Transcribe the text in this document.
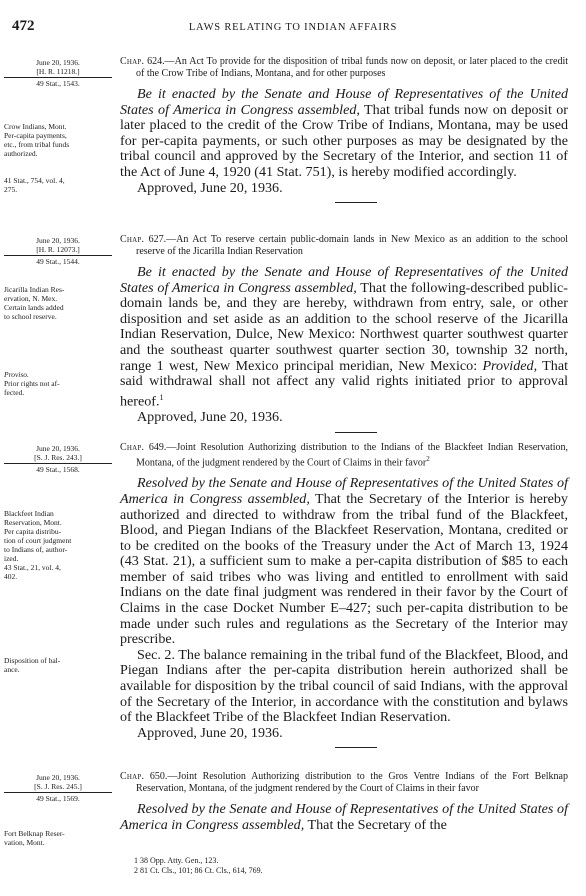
472	LAWS RELATING TO INDIAN AFFAIRS
June 20, 1936.
[H. R. 11218.]
49 Stat., 1543.

Crow Indians, Mont.

Per-capita payments,

etc., from tribal funds

authorized.

41 Stat., 754, vol. 4,

275.

Chap. 624.—An Act To provide for the disposition of tribal funds now on deposit, or later placed to the credit of the Crow Tribe of Indians, Montana, and for other purposes

Be it enacted by the Senate and House of Representatives of the United States of America in Congress assembled, That tribal funds now on deposit or later placed to the credit of the Crow Tribe of Indians, Montana, may be used for per-capita payments, or such other purposes as may be designated by the tribal council and approved by the Secretary of the Interior, and section 11 of the Act of June 4, 1920 (41 Stat. 751), is hereby modified accordingly.

Approved, June 20, 1936.

June 20, 1936.
[H. R. 12073.]
49 Stat., 1544.

Jicarilla Indian Res-

ervation, N. Mex.

Certain lands added

to school reserve.

Proviso.

Prior rights not af-

fected.

Chap. 627.—An Act To reserve certain public-domain lands in New Mexico as an addition to the school reserve of the Jicarilla Indian Reservation

Be it enacted by the Senate and House of Representatives of the United States of America in Congress assembled, That the following-described public-domain lands be, and they are hereby, withdrawn from entry, sale, or other disposition and set aside as an addition to the school reserve of the Jicarilla Indian Reservation, Dulce, New Mexico: Northwest quarter southwest quarter and the southeast quarter southwest quarter section 30, township 32 north, range 1 west, New Mexico principal meridian, New Mexico: Provided, That said withdrawal shall not affect any valid rights initiated prior to approval hereof.$^1$

Approved, June 20, 1936.

June 20, 1936.
[S. J. Res. 243.]
49 Stat., 1568.

Blackfeet Indian

Reservation, Mont.

Per capita distribu-

tion of court judgment

to Indians of, author-

ized.

43 Stat., 21, vol. 4,

402.

Disposition of bal-

ance.

Chap. 649.—Joint Resolution Authorizing distribution to the Indians of the Blackfeet Indian Reservation, Montana, of the judgment rendered by the Court of Claims in their favor$^2$

Resolved by the Senate and House of Representatives of the United States of America in Congress assembled, That the Secretary of the Interior is hereby authorized and directed to withdraw from the tribal fund of the Blackfeet, Blood, and Piegan Indians of the Blackfeet Reservation, Montana, credited or to be credited on the books of the Treasury under the Act of March 13, 1924 (43 Stat. 21), a sufficient sum to make a per-capita distribution of $85 to each member of said tribes who was living and entitled to enrollment with said Indians on the date final judgment was rendered in their favor by the Court of Claims in the case Docket Number E–427; such per-capita distribution to be made under such rules and regulations as the Secretary of the Interior may prescribe.

Sec. 2. The balance remaining in the tribal fund of the Blackfeet, Blood, and Piegan Indians after the per-capita distribution herein authorized shall be available for disposition by the tribal council of said Indians, with the approval of the Secretary of the Interior, in accordance with the constitution and bylaws of the Blackfeet Tribe of the Blackfeet Indian Reservation.

Approved, June 20, 1936.

June 20, 1936.
[S. J. Res. 245.]
49 Stat., 1569.

Fort Belknap Reser-

vation, Mont.

Chap. 650.—Joint Resolution Authorizing distribution to the Gros Ventre Indians of the Fort Belknap Reservation, Montana, of the judgment rendered by the Court of Claims in their favor

Resolved by the Senate and House of Representatives of the United States of America in Congress assembled, That the Secretary of the

1 38 Opp. Atty. Gen., 123.
2 81 Ct. Cls., 101; 86 Ct. Cls., 614, 769.
